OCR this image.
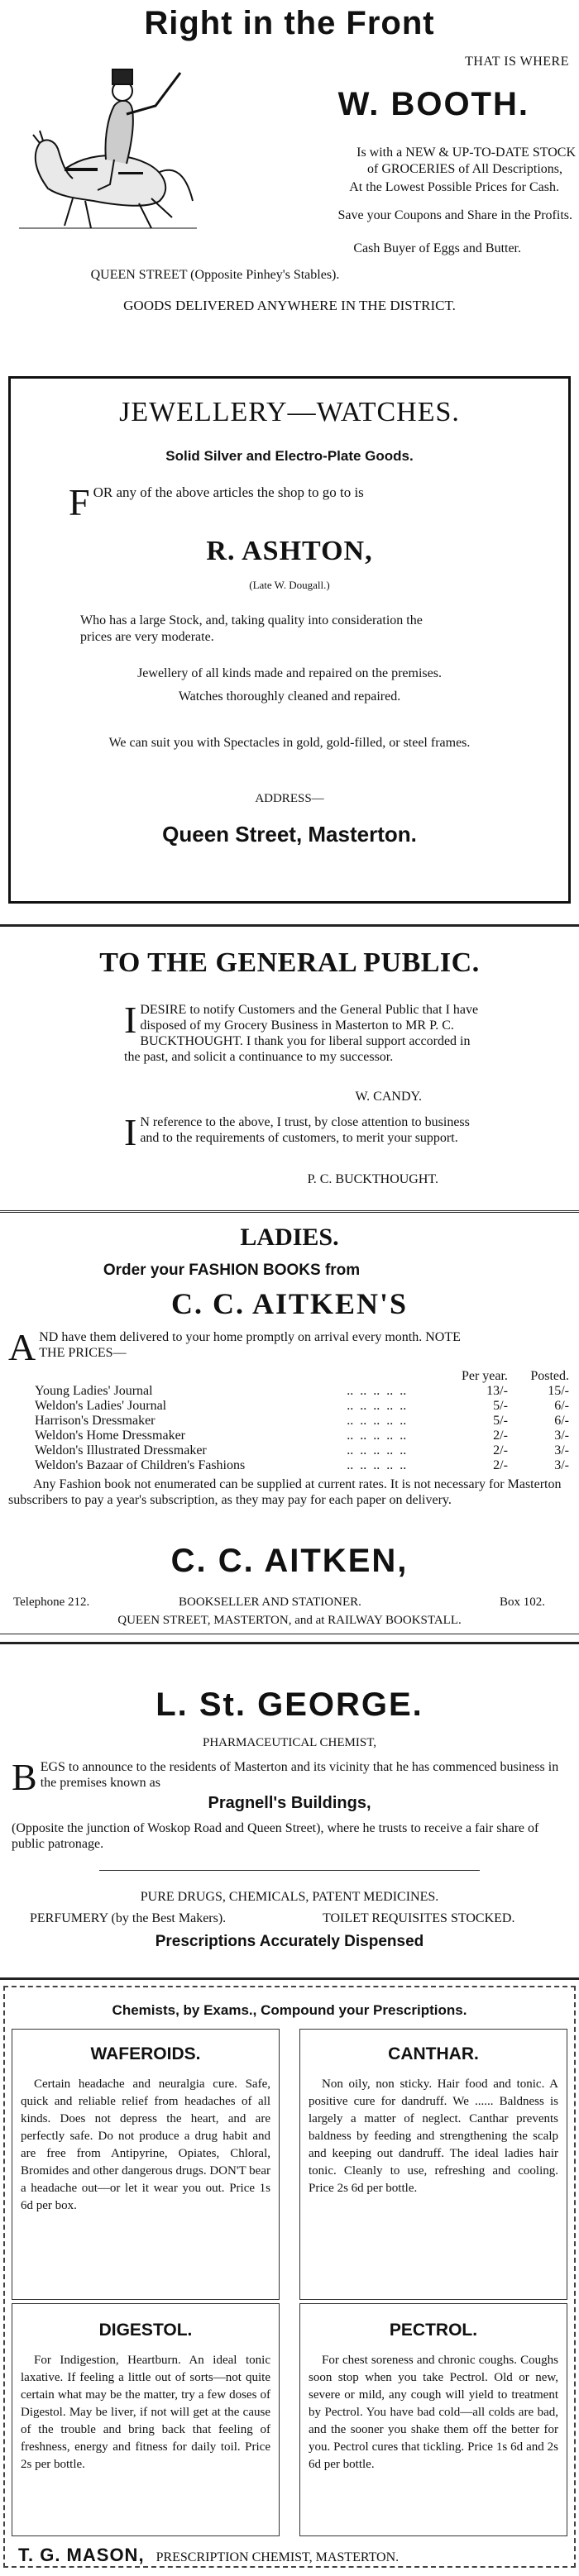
Right in the Front
THAT IS WHERE
W. BOOTH.
Is with a NEW & UP-TO-DATE STOCK
of GROCERIES of All Descriptions,
At the Lowest Possible Prices for Cash.
Save your Coupons and Share in the Profits.
Cash Buyer of Eggs and Butter.
QUEEN STREET (Opposite Pinhey's Stables).
GOODS DELIVERED ANYWHERE IN THE DISTRICT.
JEWELLERY—WATCHES.
Solid Silver and Electro-Plate Goods.
F OR any of the above articles the shop to go to is
R. ASHTON,
(Late W. Dougall.)
Who has a large Stock, and, taking quality into consideration the
prices are very moderate.
Jewellery of all kinds made and repaired on the premises.
Watches thoroughly cleaned and repaired.
We can suit you with Spectacles in gold, gold-filled, or steel frames.
ADDRESS—
Queen Street, Masterton.
TO THE GENERAL PUBLIC.
I DESIRE to notify Customers and the General Public that I have disposed of my Grocery Business in Masterton to MR P. C. BUCKTHOUGHT. I thank you for liberal support accorded in the past, and solicit a continuance to my successor.
W. CANDY.
I N reference to the above, I trust, by close attention to business and to the requirements of customers, to merit your support.
P. C. BUCKTHOUGHT.
LADIES.
Order your FASHION BOOKS from
C. C. AITKEN'S
A ND have them delivered to your home promptly on arrival every month. NOTE
THE PRICES—
		Per year.	Posted.
Young Ladies' Journal	..  ..  ..  ..  ..	13/-	15/-
Weldon's Ladies' Journal	..  ..  ..  ..  ..	5/-	6/-
Harrison's Dressmaker	..  ..  ..  ..  ..	5/-	6/-
Weldon's Home Dressmaker	..  ..  ..  ..  ..	2/-	3/-
Weldon's Illustrated Dressmaker	..  ..  ..  ..  ..	2/-	3/-
Weldon's Bazaar of Children's Fashions	..  ..  ..  ..  ..	2/-	3/-
Any Fashion book not enumerated can be supplied at current rates. It is not necessary for Masterton subscribers to pay a year's subscription, as they may pay for each paper on delivery.
C. C. AITKEN,
Telephone 212.	BOOKSELLER AND STATIONER.	Box 102.
QUEEN STREET, MASTERTON, and at RAILWAY BOOKSTALL.
L. St. GEORGE.
PHARMACEUTICAL CHEMIST,
B EGS to announce to the residents of Masterton and its vicinity that he has commenced business in the premises known as
Pragnell's Buildings,
(Opposite the junction of Woskop Road and Queen Street), where he trusts to receive a fair share of public patronage.
PURE DRUGS, CHEMICALS, PATENT MEDICINES.
PERFUMERY (by the Best Makers).	TOILET REQUISITES STOCKED.
Prescriptions Accurately Dispensed
Chemists, by Exams., Compound your Prescriptions.
WAFEROIDS.
Certain headache and neuralgia cure. Safe, quick and reliable relief from headaches of all kinds. Does not depress the heart, and are perfectly safe. Do not produce a drug habit and are free from Antipyrine, Opiates, Chloral, Bromides and other dangerous drugs. DON'T bear a headache out—or let it wear you out. Price 1s 6d per box.
CANTHAR.
Non oily, non sticky. Hair food and tonic. A positive cure for dandruff. We ...... Baldness is largely a matter of neglect. Canthar prevents baldness by feeding and strengthening the scalp and keeping out dandruff. The ideal ladies hair tonic. Cleanly to use, refreshing and cooling. Price 2s 6d per bottle.
DIGESTOL.
For Indigestion, Heartburn. An ideal tonic laxative. If feeling a little out of sorts—not quite certain what may be the matter, try a few doses of Digestol. May be liver, if not will get at the cause of the trouble and bring back that feeling of freshness, energy and fitness for daily toil. Price 2s per bottle.
PECTROL.
For chest soreness and chronic coughs. Coughs soon stop when you take Pectrol. Old or new, severe or mild, any cough will yield to treatment by Pectrol. You have bad cold—all colds are bad, and the sooner you shake them off the better for you. Pectrol cures that tickling. Price 1s 6d and 2s 6d per bottle.
T. G. MASON, PRESCRIPTION CHEMIST, MASTERTON.
